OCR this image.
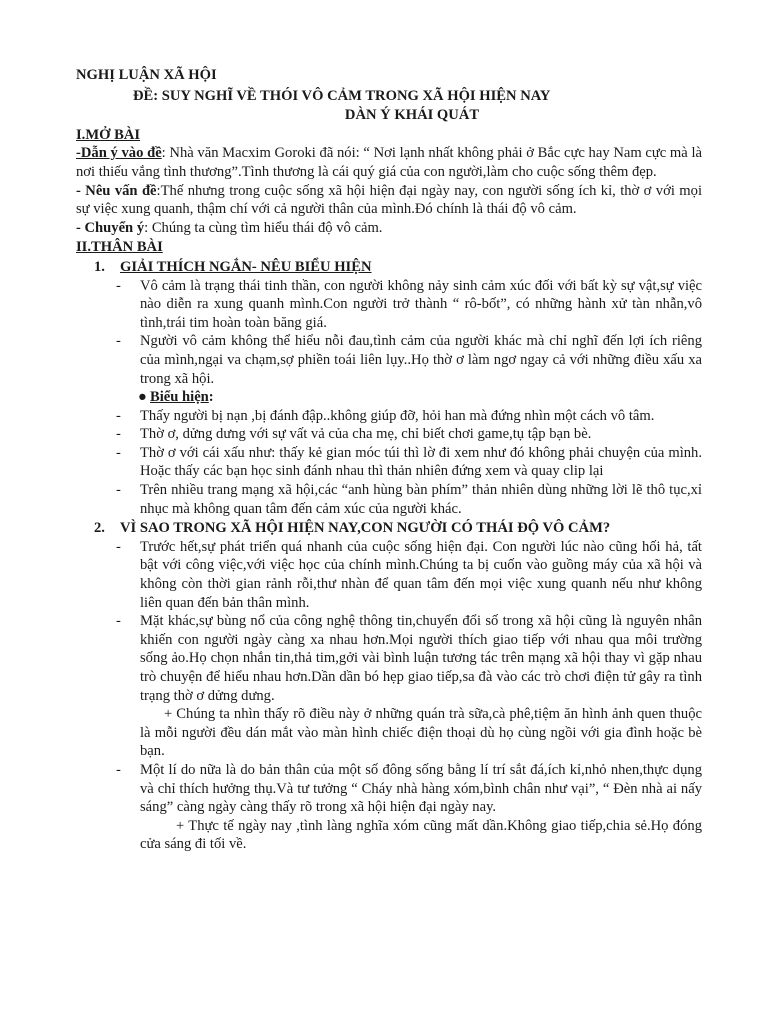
NGHỊ LUẬN XÃ HỘI

ĐỀ: SUY NGHĨ VỀ THÓI VÔ CẢM TRONG XÃ HỘI HIỆN NAY

DÀN Ý KHÁI QUÁT

I.MỞ BÀI

-Dẫn ý vào đề: Nhà văn Macxim Goroki đã nói: “ Nơi lạnh nhất không phải ở Bắc cực hay Nam cực mà là nơi thiếu vắng tình thương”.Tình thương là cái quý giá của con người,làm cho cuộc sống thêm đẹp.

- Nêu vấn đề:Thế nhưng trong cuộc sống xã hội hiện đại ngày nay, con người sống ích kỉ, thờ ơ với mọi sự việc xung quanh, thậm chí với cả người thân của mình.Đó chính là thái độ vô cảm.

- Chuyển ý: Chúng ta cùng tìm hiểu thái độ vô cảm.

II.THÂN BÀI

1. GIẢI THÍCH NGẮN- NÊU BIỂU HIỆN
- Vô cảm là trạng thái tinh thần, con người không nảy sinh cảm xúc đối với bất kỳ sự vật,sự việc nào diễn ra xung quanh mình.Con người trở thành “ rô-bốt”, có những hành xử tàn nhẫn,vô tình,trái tim hoàn toàn băng giá.
- Người vô cảm không thể hiểu nỗi đau,tình cảm của người khác mà chỉ nghĩ đến lợi ích riêng của mình,ngại va chạm,sợ phiền toái liên lụy..Họ thờ ơ làm ngơ ngay cả với những điều xấu xa trong xã hội.

● Biểu hiện:

- Thấy người bị nạn ,bị đánh đập..không giúp đỡ, hỏi han mà đứng nhìn một cách vô tâm.
- Thờ ơ, dửng dưng với sự vất vả của cha mẹ, chỉ biết chơi game,tụ tập bạn bè.
- Thờ ơ với cái xấu như: thấy kẻ gian móc túi thì lờ đi xem như đó không phải chuyện của mình. Hoặc thấy các bạn học sinh đánh nhau thì thản nhiên đứng xem và quay clip lại
- Trên nhiều trang mạng xã hội,các “anh hùng bàn phím” thản nhiên dùng những lời lẽ thô tục,xỉ nhục mà không quan tâm đến cảm xúc của người khác.
2. VÌ SAO TRONG XÃ HỘI HIỆN NAY,CON NGƯỜI CÓ THÁI ĐỘ VÔ CẢM?
- Trước hết,sự phát triển quá nhanh của cuộc sống hiện đại. Con người lúc nào cũng hối hả, tất bật với công việc,với việc học của chính mình.Chúng ta bị cuốn vào guồng máy của xã hội và không còn thời gian rảnh rỗi,thư nhàn để quan tâm đến mọi việc xung quanh nếu như không liên quan đến bản thân mình.
- Mặt khác,sự bùng nổ của công nghệ thông tin,chuyển đổi số trong xã hội cũng là nguyên nhân khiến con người ngày càng xa nhau hơn.Mọi người thích giao tiếp với nhau qua môi trường sống ảo.Họ chọn nhắn tin,thả tim,gởi vài bình luận tương tác trên mạng xã hội thay vì gặp nhau trò chuyện để hiểu nhau hơn.Dần dần bó hẹp giao tiếp,sa đà vào các trò chơi điện tử gây ra tình trạng thờ ơ dửng dưng.

+ Chúng ta nhìn thấy rõ điều này ở những quán trà sữa,cà phê,tiệm ăn hình ảnh quen thuộc là mỗi người đều dán mắt vào màn hình chiếc điện thoại dù họ cùng ngồi với gia đình hoặc bè bạn.

- Một lí do nữa là do bản thân của một số đông sống bằng lí trí sắt đá,ích kỉ,nhỏ nhen,thực dụng và chỉ thích hưởng thụ.Và tư tưởng “ Cháy nhà hàng xóm,bình chân như vại”, “ Đèn nhà ai nấy sáng” càng ngày càng thấy rõ trong xã hội hiện đại ngày nay.

+ Thực tế ngày nay ,tình làng nghĩa xóm cũng mất dần.Không giao tiếp,chia sẻ.Họ đóng cửa sáng đi tối về.
